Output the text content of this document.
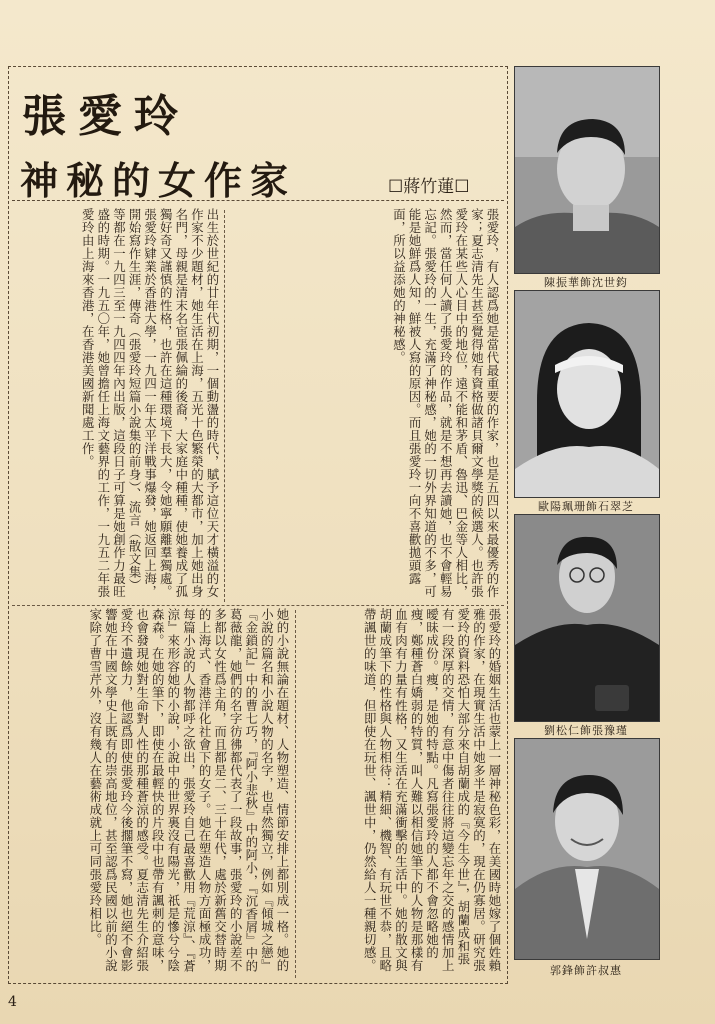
張愛玲
神秘的女作家	☐蔣竹蓮☐
張愛玲，有人認爲她是當代最重要的作家，也是五四以來最優秀的作家；夏志清先生甚至覺得她有資格做諸貝爾文學獎的候選人。也許張愛玲在某些人心目中的地位，遠不能和茅盾、魯迅、巴金等人相比，然而，當任何人讀了張愛玲的作品，就是不想再去讀她，也不會輕易忘記。張愛玲的一生，充滿了神秘感，她的一切外界知道的不多，可能是她鮮爲人知，鮮被人寫的原因。而且張愛玲一向不喜歡拋頭露面，所以益添她的神秘感。
出生於世紀的廿年代初期，一個動盪的時代，賦予這位天才橫溢的女作家不少題材，她生活在上海，五光十色繁榮的大都市，加上她出身名門，母親是清末名宦張佩綸的後裔，大家庭中種種，使她養成了孤獨好奇又謹慎的性格，也許在這種環境下長大，令她寧願離羣獨處。張愛玲肄業於香港大學，一九四一年太平洋戰事爆發，她返回上海，開始寫作生涯，傳奇（張愛玲短篇小說集的前身）、流言（散文集）等都在一九四三至一九四四年內出版，這段日子可算是她創作力最旺盛的時期。一九五〇年，她曾擔任上海文藝界的工作，一九五二年張愛玲由上海來香港，在香港美國新聞處工作。
張愛玲的婚姻生活也蒙上一層神秘色彩，在美國時她嫁了個姓賴雅的作家，在現實生活中她多半是寂寞的，現在仍寡居。研究張愛玲的資料恐怕大部分來自胡蘭成的『今生今世』，胡蘭成和張有一段深厚的交情，有意中傷者往往將這變忘年之交的感情加上曖昧成份。痩，是她的特點。凡寫張愛玲的人都不會忽略她的痩，鄭種蒼白嬌弱的特質，叫人難以相信她筆下的人物是那樣有血有肉有力量有性格，又生活在充滿衝擊的生活中。她的散文與胡蘭成筆下的性格與人物相待：精細、機智、有玩世不恭，且略帶諷世的味道，但即使在玩世、諷世中，仍然給人一種親切感。
她的小說無論在題材、人物塑造、情節安排上都別成一格。她的小說的篇名和小說人物的名字，也卓然獨立，例如『傾城之戀』『金鎖記』中的曹七巧，『阿小悲秋』中的阿小，『沉香屑』中的葛薇龍，她們的名字彷彿都代表了一段故事，張愛玲的小說差不多都以女性爲主角，而且都是二、三十年代，處於新舊交替時期的上海式、香港洋化社會下的女子。她在塑造人物方面極成功，每篇小說的人物都呼之欲出，張愛玲自己最喜歡用『荒涼』、『蒼涼』來形容她的小說，小說中的世界裏沒有陽光，祇是慘兮兮陰森森。在她的筆下，即使在最輕快的片段中也帶有諷刺的意味，也會發現她對生命對人性的那種蒼涼的感受。夏志清先生介紹張愛玲不遺餘力，他認爲即使張愛玲今後擱筆不寫，她也絕不會影響她在中國文學史上既有的崇高地位，甚至認爲民國以前的小說家除了曹雪芹外，沒有幾人在藝術成就上可同張愛玲相比。
陳振華飾沈世鈞
歐陽珮珊飾石翠芝
劉松仁飾張豫瑾
郭鋒飾許叔惠
4
